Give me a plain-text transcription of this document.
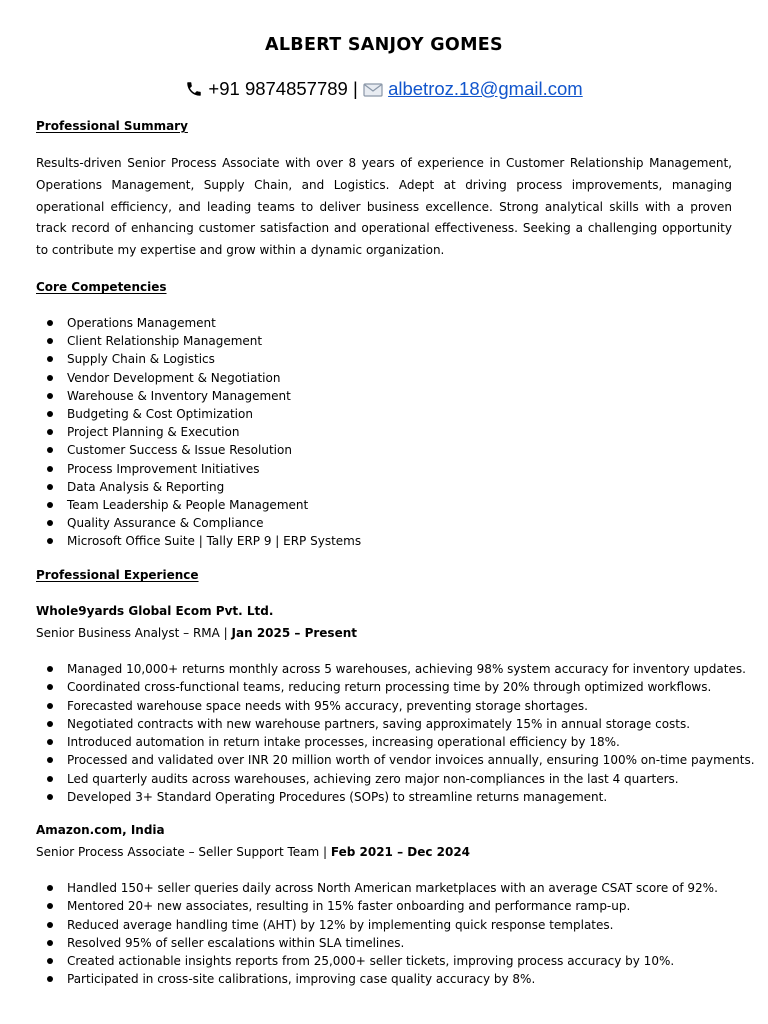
ALBERT SANJOY GOMES
+91 9874857789 | albetroz.18@gmail.com
Professional Summary

Results-driven Senior Process Associate with over 8 years of experience in Customer Relationship Management, Operations Management, Supply Chain, and Logistics. Adept at driving process improvements, managing operational efficiency, and leading teams to deliver business excellence. Strong analytical skills with a proven track record of enhancing customer satisfaction and operational effectiveness. Seeking a challenging opportunity to contribute my expertise and grow within a dynamic organization.

Core Competencies
Operations Management
Client Relationship Management
Supply Chain & Logistics
Vendor Development & Negotiation
Warehouse & Inventory Management
Budgeting & Cost Optimization
Project Planning & Execution
Customer Success & Issue Resolution
Process Improvement Initiatives
Data Analysis & Reporting
Team Leadership & People Management
Quality Assurance & Compliance
Microsoft Office Suite | Tally ERP 9 | ERP Systems
Professional Experience
Whole9yards Global Ecom Pvt. Ltd.
Senior Business Analyst – RMA | Jan 2025 – Present
Managed 10,000+ returns monthly across 5 warehouses, achieving 98% system accuracy for inventory updates.
Coordinated cross-functional teams, reducing return processing time by 20% through optimized workflows.
Forecasted warehouse space needs with 95% accuracy, preventing storage shortages.
Negotiated contracts with new warehouse partners, saving approximately 15% in annual storage costs.
Introduced automation in return intake processes, increasing operational efficiency by 18%.
Processed and validated over INR 20 million worth of vendor invoices annually, ensuring 100% on-time payments.
Led quarterly audits across warehouses, achieving zero major non-compliances in the last 4 quarters.
Developed 3+ Standard Operating Procedures (SOPs) to streamline returns management.
Amazon.com, India
Senior Process Associate – Seller Support Team | Feb 2021 – Dec 2024
Handled 150+ seller queries daily across North American marketplaces with an average CSAT score of 92%.
Mentored 20+ new associates, resulting in 15% faster onboarding and performance ramp-up.
Reduced average handling time (AHT) by 12% by implementing quick response templates.
Resolved 95% of seller escalations within SLA timelines.
Created actionable insights reports from 25,000+ seller tickets, improving process accuracy by 10%.
Participated in cross-site calibrations, improving case quality accuracy by 8%.
